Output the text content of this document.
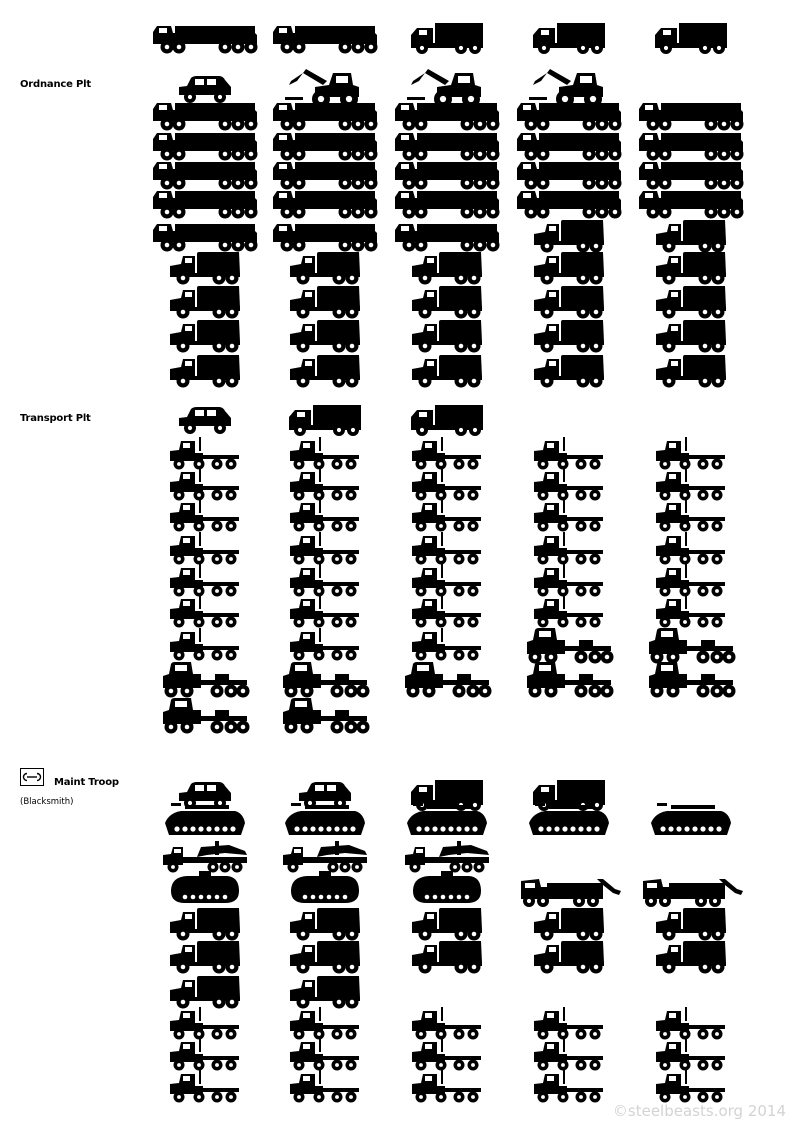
Ordnance Plt
Transport Plt
Maint Troop
(Blacksmith)
©steelbeasts.org 2014
